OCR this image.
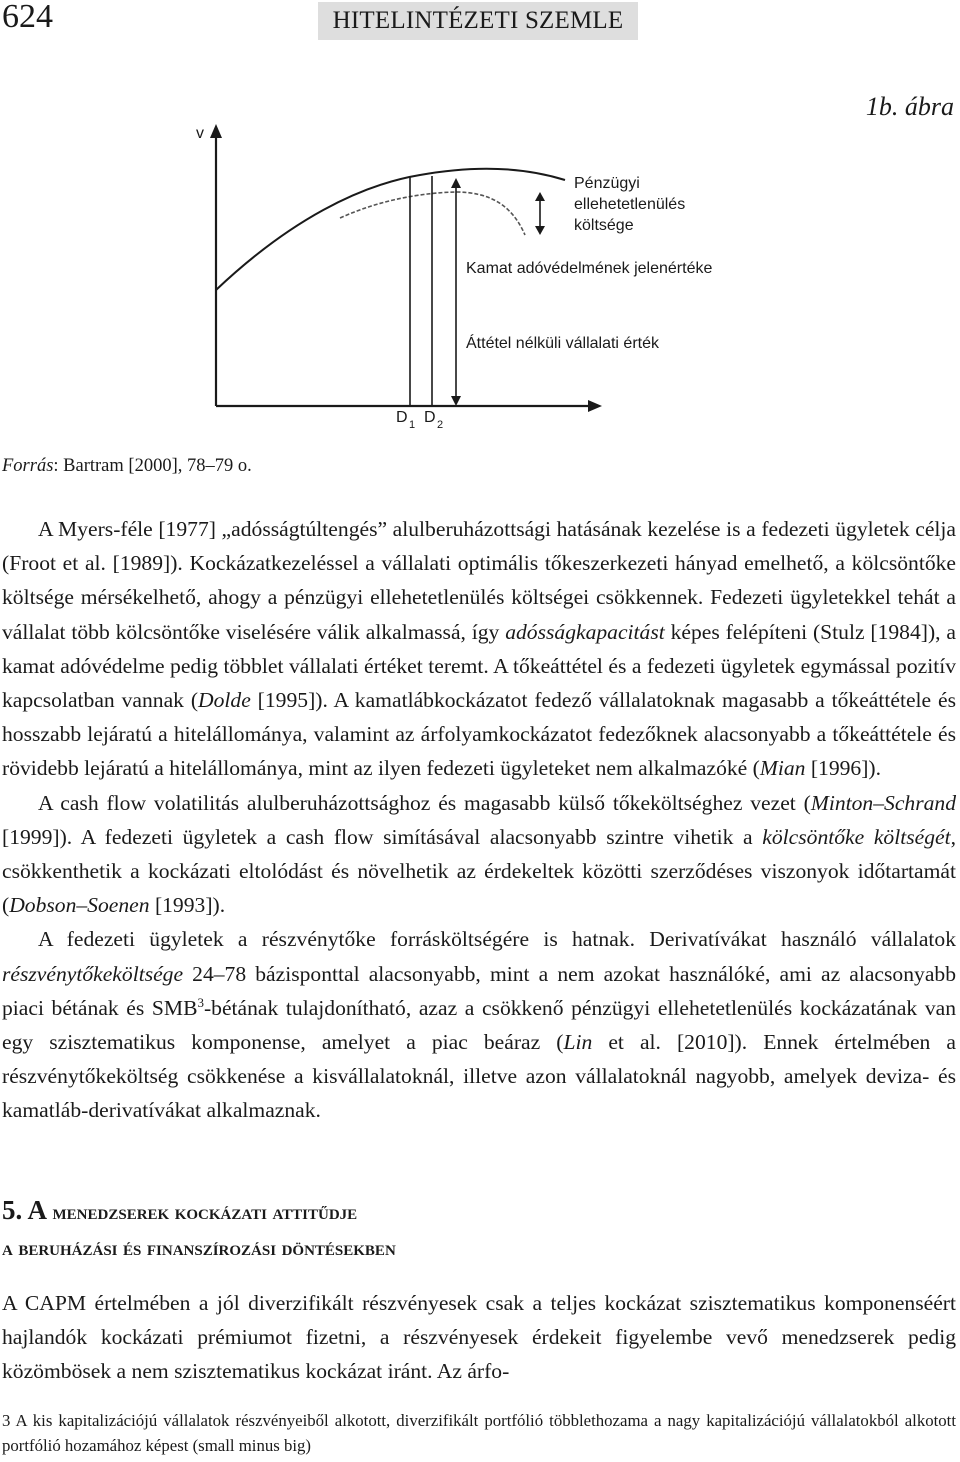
624	HITELINTÉZETI SZEMLE
1b. ábra
v
Pénzügyi
ellehetetlenülés
költsége
Kamat adóvédelmének jelenértéke
Áttétel nélküli vállalati érték
D 1 D 2
Forrás: Bartram [2000], 78–79 o.

A Myers-féle [1977] „adósságtúltengés” alulberuházottsági hatásának kezelése is a fedezeti ügyletek célja (Froot et al. [1989]). Kockázatkezeléssel a vállalati optimális tőkeszerkezeti hányad emelhető, a kölcsöntőke költsége mérsékelhető, ahogy a pénzügyi ellehetetlenülés költségei csökkennek. Fedezeti ügyletekkel tehát a vállalat több kölcsöntőke viselésére válik alkalmassá, így adósságkapacitást képes felépíteni (Stulz [1984]), a kamat adóvédelme pedig többlet vállalati értéket teremt. A tőkeáttétel és a fedezeti ügyletek egymással pozitív kapcsolatban vannak (Dolde [1995]). A kamatlábkockázatot fedező vállalatoknak magasabb a tőkeáttétele és hosszabb lejáratú a hitelállománya, valamint az árfolyamkockázatot fedezőknek alacsonyabb a tőkeáttétele és rövidebb lejáratú a hitelállománya, mint az ilyen fedezeti ügyleteket nem alkalmazóké (Mian [1996]).

A cash flow volatilitás alulberuházottsághoz és magasabb külső tőkeköltséghez vezet (Minton–Schrand [1999]). A fedezeti ügyletek a cash flow simításával alacsonyabb szintre vihetik a kölcsöntőke költségét, csökkenthetik a kockázati eltolódást és növelhetik az érdekeltek közötti szerződéses viszonyok időtartamát (Dobson–Soenen [1993]).

A fedezeti ügyletek a részvénytőke forrásköltségére is hatnak. Derivatívákat használó vállalatok részvénytőkeköltsége 24–78 bázisponttal alacsonyabb, mint a nem azokat használóké, ami az alacsonyabb piaci bétának és SMB$^3$-bétának tulajdonítható, azaz a csökkenő pénzügyi ellehetetlenülés kockázatának van egy szisztematikus komponense, amelyet a piac beáraz (Lin et al. [2010]). Ennek értelmében a részvénytőkeköltség csökkenése a kisvállalatoknál, illetve azon vállalatoknál nagyobb, amelyek deviza- és kamatláb-derivatívákat alkalmaznak.

5. A menedzserek kockázati attitűdje
a beruházási és finanszírozási döntésekben

A CAPM értelmében a jól diverzifikált részvényesek csak a teljes kockázat szisztematikus komponenséért hajlandók kockázati prémiumot fizetni, a részvényesek érdekeit figyelembe vevő menedzserek pedig közömbösek a nem szisztematikus kockázat iránt. Az árfo-

3 A kis kapitalizációjú vállalatok részvényeiből alkotott, diverzifikált portfólió többlethozama a nagy kapitalizációjú vállalatokból alkotott portfólió hozamához képest (small minus big)
